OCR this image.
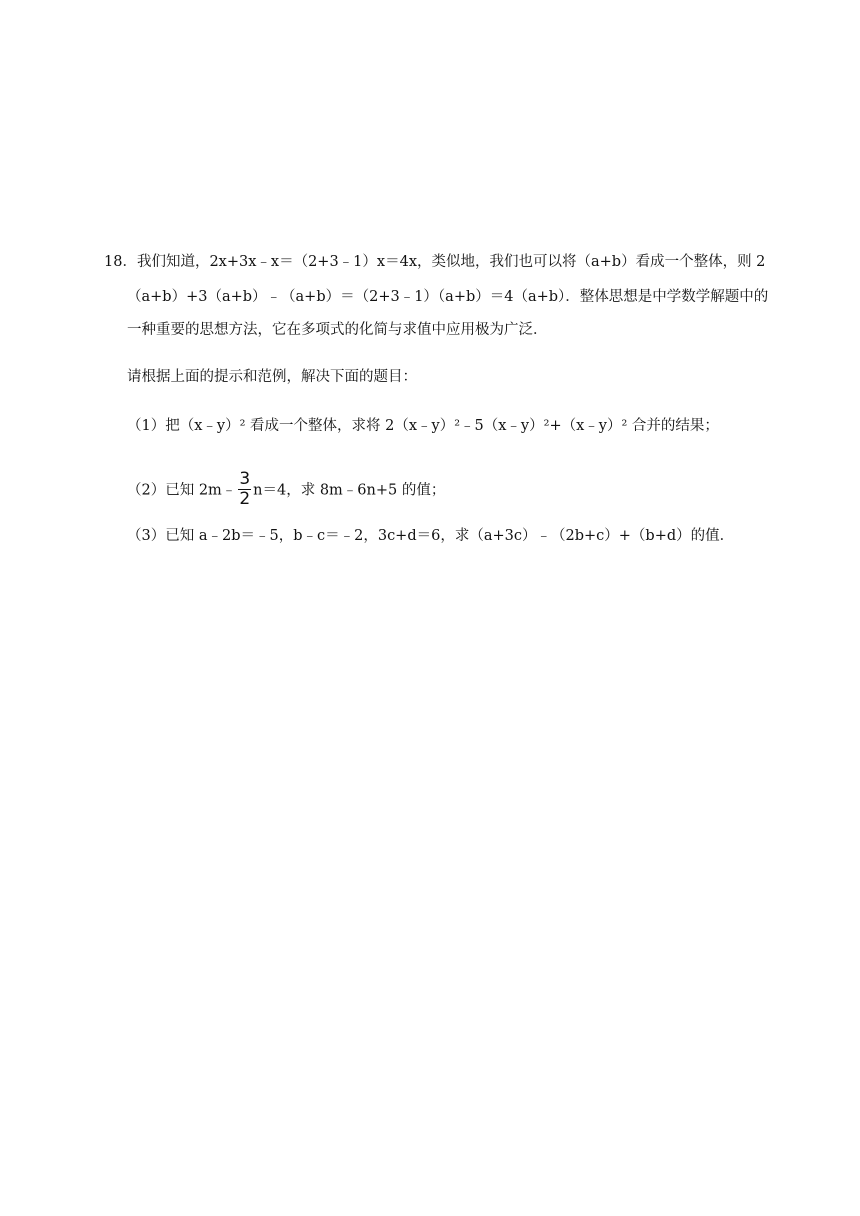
18．我们知道，2x+3x﹣x＝（2+3﹣1）x＝4x，类似地，我们也可以将（a+b）看成一个整体，则 2
（a+b）+3（a+b）﹣（a+b）＝（2+3﹣1）（a+b）＝4（a+b）．整体思想是中学数学解题中的
一种重要的思想方法，它在多项式的化简与求值中应用极为广泛．
请根据上面的提示和范例，解决下面的题目：
（1）把（x﹣y）² 看成一个整体，求将 2（x﹣y）²﹣5（x﹣y）²+（x﹣y）² 合并的结果；
（2）已知 2m﹣ $\frac{3}{2} n=4$，求 8m﹣6n+5 的值；
（3）已知 a﹣2b＝﹣5，b﹣c＝﹣2，3c+d＝6，求（a+3c）﹣（2b+c）+（b+d）的值．
